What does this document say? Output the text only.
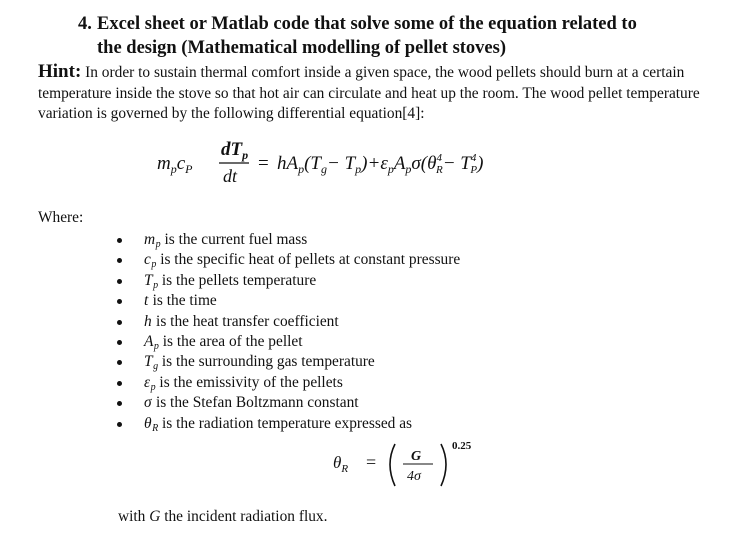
4. Excel sheet or Matlab code that solve some of the equation related to
the design (Mathematical modelling of pellet stoves)
Hint: In order to sustain thermal comfort inside a given space, the wood pellets should burn at a certain temperature inside the stove so that hot air can circulate and heat up the room. The wood pellet temperature variation is governed by the following differential equation[4]:
$m_pc_P$
$dT_p$
dt
= $hA_p(T_g- T_p)+\varepsilon_pA_p\sigma(\theta^4$ $R- T^4$ P)
Where:
$m_p$ is the current fuel mass
$c_p$ is the specific heat of pellets at constant pressure
$T_p$ is the pellets temperature
t is the time
h is the heat transfer coefficient
$A_p$ is the area of the pellet
$T_g$ is the surrounding gas temperature
$\varepsilon_p$ is the emissivity of the pellets
σ is the Stefan Boltzmann constant
$\theta_R$ is the radiation temperature expressed as
$\theta_R = G$
4σ
0.25
with G the incident radiation flux.
